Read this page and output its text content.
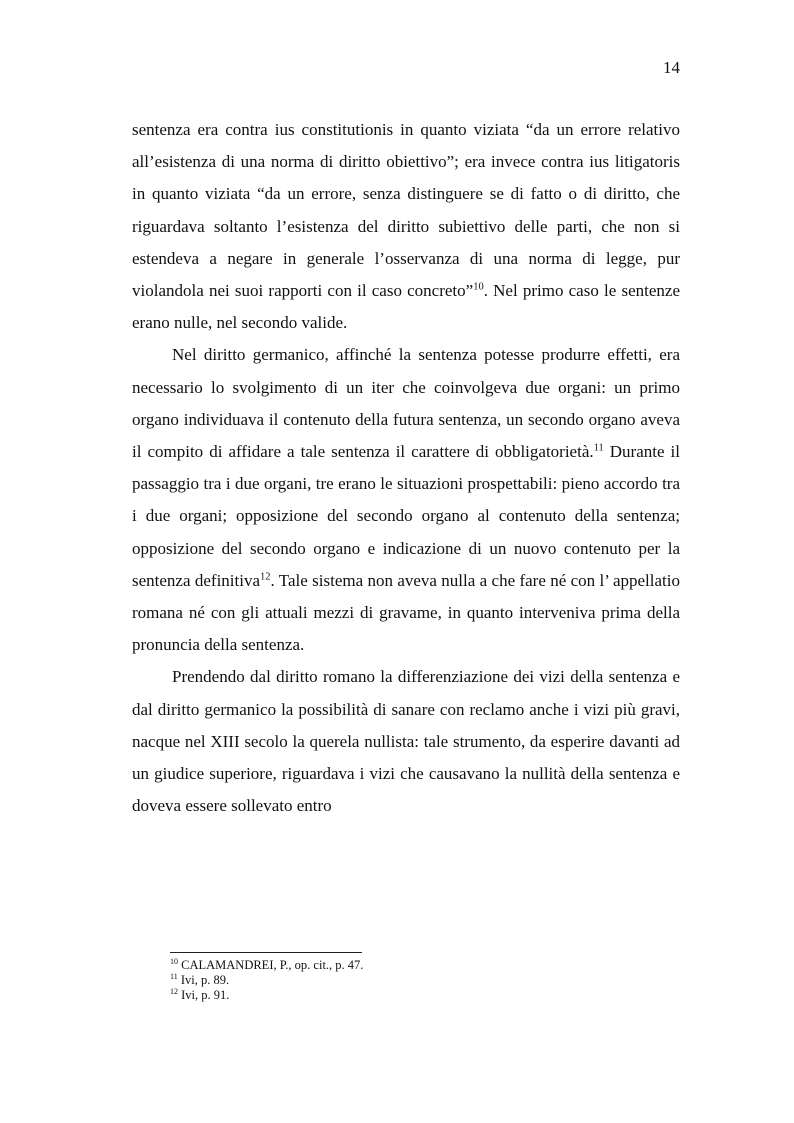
14

sentenza era contra ius constitutionis in quanto viziata “da un errore relativo all’esistenza di una norma di diritto obiettivo”; era invece contra ius litigatoris in quanto viziata “da un errore, senza distinguere se di fatto o di diritto, che riguardava soltanto l’esistenza del diritto subiettivo delle parti, che non si estendeva a negare in generale l’osservanza di una norma di legge, pur violandola nei suoi rapporti con il caso concreto”$^{10}$. Nel primo caso le sentenze erano nulle, nel secondo valide.

Nel diritto germanico, affinché la sentenza potesse produrre effetti, era necessario lo svolgimento di un iter che coinvolgeva due organi: un primo organo individuava il contenuto della futura sentenza, un secondo organo aveva il compito di affidare a tale sentenza il carattere di obbligatorietà.$^{11}$ Durante il passaggio tra i due organi, tre erano le situazioni prospettabili: pieno accordo tra i due organi; opposizione del secondo organo al contenuto della sentenza; opposizione del secondo organo e indicazione di un nuovo contenuto per la sentenza definitiva$^{12}$. Tale sistema non aveva nulla a che fare né con l’ appellatio romana né con gli attuali mezzi di gravame, in quanto interveniva prima della pronuncia della sentenza.

Prendendo dal diritto romano la differenziazione dei vizi della sentenza e dal diritto germanico la possibilità di sanare con reclamo anche i vizi più gravi, nacque nel XIII secolo la querela nullista: tale strumento, da esperire davanti ad un giudice superiore, riguardava i vizi che causavano la nullità della sentenza e doveva essere sollevato entro

$^{10}$ CALAMANDREI, P., op. cit., p. 47.
$^{11}$ Ivi, p. 89.
$^{12}$ Ivi, p. 91.
